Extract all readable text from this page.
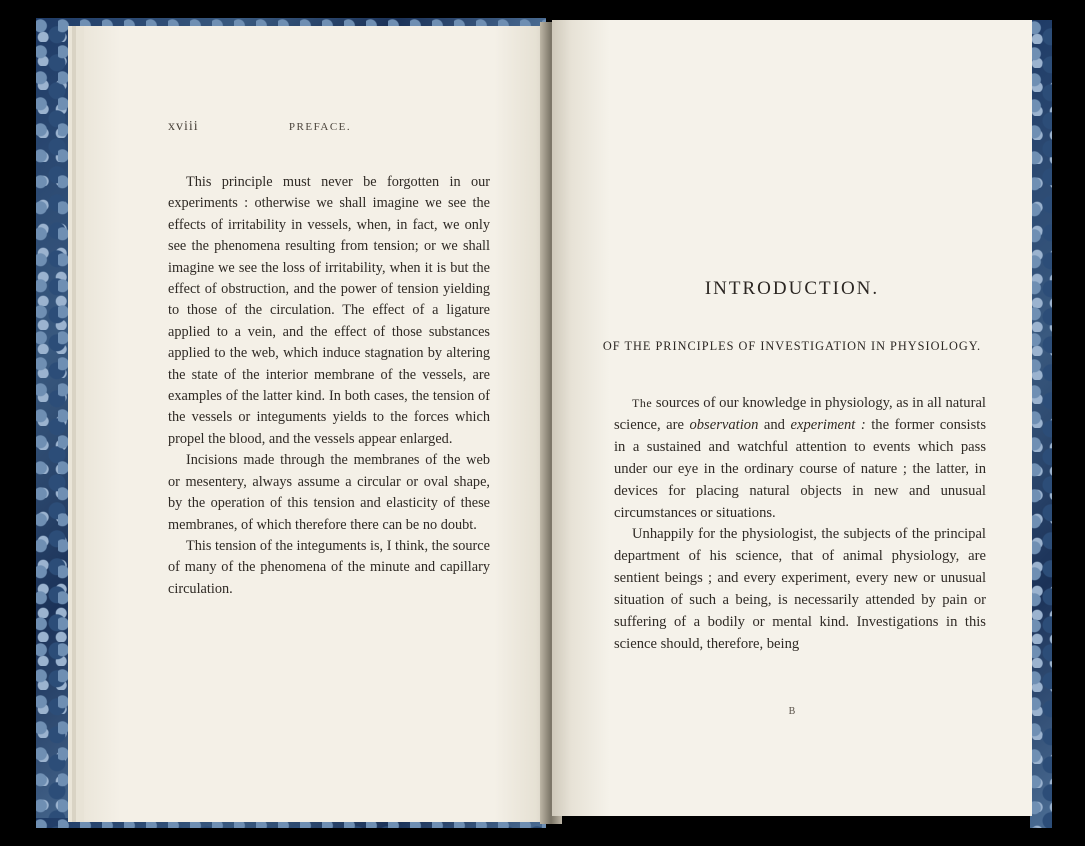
xviii	PREFACE.

This principle must never be forgotten in our experiments : otherwise we shall imagine we see the effects of irritability in vessels, when, in fact, we only see the phenomena resulting from tension; or we shall imagine we see the loss of irritability, when it is but the effect of obstruction, and the power of tension yielding to those of the circulation. The effect of a ligature applied to a vein, and the effect of those substances applied to the web, which induce stagnation by altering the state of the interior membrane of the vessels, are examples of the latter kind. In both cases, the tension of the vessels or integuments yields to the forces which propel the blood, and the vessels appear enlarged.

Incisions made through the membranes of the web or mesentery, always assume a circular or oval shape, by the operation of this tension and elasticity of these membranes, of which therefore there can be no doubt.

This tension of the integuments is, I think, the source of many of the phenomena of the minute and capillary circulation.

INTRODUCTION.
OF THE PRINCIPLES OF INVESTIGATION IN PHYSIOLOGY.

The sources of our knowledge in physiology, as in all natural science, are observation and experiment : the former consists in a sustained and watchful attention to events which pass under our eye in the ordinary course of nature ; the latter, in devices for placing natural objects in new and unusual circumstances or situations.

Unhappily for the physiologist, the subjects of the principal department of his science, that of animal physiology, are sentient beings ; and every experiment, every new or unusual situation of such a being, is necessarily attended by pain or suffering of a bodily or mental kind. Investigations in this science should, therefore, being

B
